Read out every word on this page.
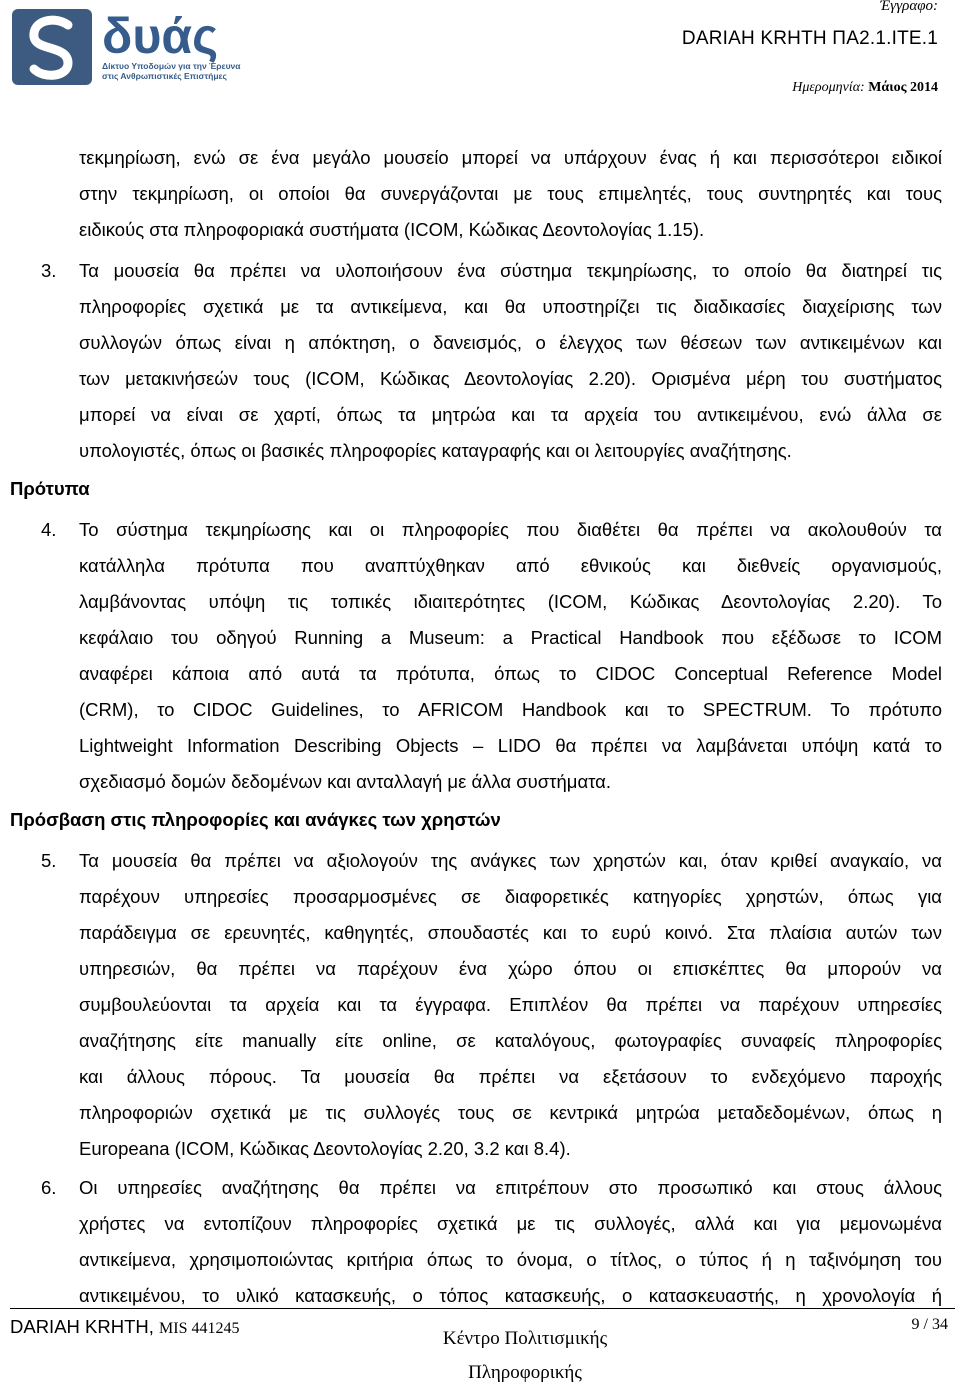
δυάς
Δίκτυο Υποδομών για την Έρευνα
στις Ανθρωπιστικές Επιστήμες
Έγγραφο:
DARIAH KRHTH ΠΑ2.1.ΙΤΕ.1
Ημερομηνία: Μάιος 2014
τεκμηρίωση, ενώ σε ένα μεγάλο μουσείο μπορεί να υπάρχουν ένας ή και περισσότεροι ειδικοί
στην τεκμηρίωση, οι οποίοι θα συνεργάζονται με τους επιμελητές, τους συντηρητές και τους
ειδικούς στα πληροφοριακά συστήματα (ICOM, Κώδικας Δεοντολογίας 1.15).
3. Τα μουσεία θα πρέπει να υλοποιήσουν ένα σύστημα τεκμηρίωσης, το οποίο θα διατηρεί τις
πληροφορίες σχετικά με τα αντικείμενα, και θα υποστηρίζει τις διαδικασίες διαχείρισης των
συλλογών όπως είναι η απόκτηση, ο δανεισμός, ο έλεγχος των θέσεων των αντικειμένων και
των μετακινήσεών τους (ICOM, Κώδικας Δεοντολογίας 2.20). Ορισμένα μέρη του συστήματος
μπορεί να είναι σε χαρτί, όπως τα μητρώα και τα αρχεία του αντικειμένου, ενώ άλλα σε
υπολογιστές, όπως οι βασικές πληροφορίες καταγραφής και οι λειτουργίες αναζήτησης.
Πρότυπα
4. Το σύστημα τεκμηρίωσης και οι πληροφορίες που διαθέτει θα πρέπει να ακολουθούν τα
κατάλληλα πρότυπα που αναπτύχθηκαν από εθνικούς και διεθνείς οργανισμούς,
λαμβάνοντας υπόψη τις τοπικές ιδιαιτερότητες (ICOM, Κώδικας Δεοντολογίας 2.20). Το
κεφάλαιο του οδηγού Running a Museum: a Practical Handbook που εξέδωσε το ICOM
αναφέρει κάποια από αυτά τα πρότυπα, όπως το CIDOC Conceptual Reference Model
(CRM), το CIDOC Guidelines, το AFRICOM Handbook και το SPECTRUM. Το πρότυπο
Lightweight Information Describing Objects – LIDO θα πρέπει να λαμβάνεται υπόψη κατά το
σχεδιασμό δομών δεδομένων και ανταλλαγή με άλλα συστήματα.
Πρόσβαση στις πληροφορίες και ανάγκες των χρηστών
5. Τα μουσεία θα πρέπει να αξιολογούν της ανάγκες των χρηστών και, όταν κριθεί αναγκαίο, να
παρέχουν υπηρεσίες προσαρμοσμένες σε διαφορετικές κατηγορίες χρηστών, όπως για
παράδειγμα σε ερευνητές, καθηγητές, σπουδαστές και το ευρύ κοινό. Στα πλαίσια αυτών των
υπηρεσιών, θα πρέπει να παρέχουν ένα χώρο όπου οι επισκέπτες θα μπορούν να
συμβουλεύονται τα αρχεία και τα έγγραφα. Επιπλέον θα πρέπει να παρέχουν υπηρεσίες
αναζήτησης είτε manually είτε online, σε καταλόγους, φωτογραφίες συναφείς πληροφορίες
και άλλους πόρους. Τα μουσεία θα πρέπει να εξετάσουν το ενδεχόμενο παροχής
πληροφοριών σχετικά με τις συλλογές τους σε κεντρικά μητρώα μεταδεδομένων, όπως η
Europeana (ICOM, Κώδικας Δεοντολογίας 2.20, 3.2 και 8.4).
6. Οι υπηρεσίες αναζήτησης θα πρέπει να επιτρέπουν στο προσωπικό και στους άλλους
χρήστες να εντοπίζουν πληροφορίες σχετικά με τις συλλογές, αλλά και για μεμονωμένα
αντικείμενα, χρησιμοποιώντας κριτήρια όπως το όνομα, ο τίτλος, ο τύπος ή η ταξινόμηση του
αντικειμένου, το υλικό κατασκευής, ο τόπος κατασκευής, ο κατασκευαστής, η χρονολογία ή
DARIAH KRHTH, MIS 441245	Κέντρο Πολιτισμικής Πληροφορικής
9 / 34
